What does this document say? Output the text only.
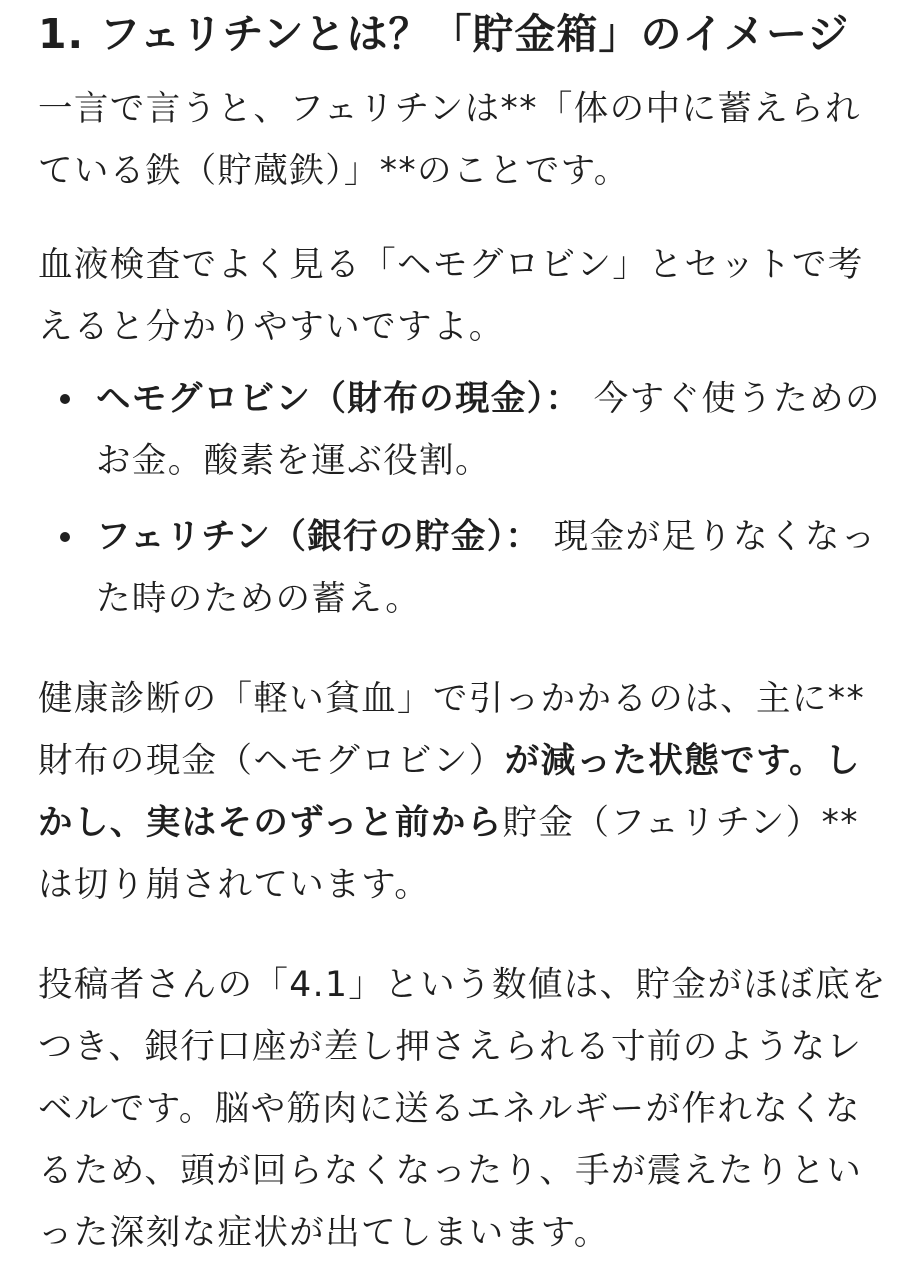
1. フェリチンとは？「貯金箱」のイメージ

一言で言うと、フェリチンは**「体の中に蓄えられている鉄（貯蔵鉄）」**のことです。

血液検査でよく見る「ヘモグロビン」とセットで考えると分かりやすいですよ。

ヘモグロビン（財布の現金）： 今すぐ使うためのお金。酸素を運ぶ役割。
フェリチン（銀行の貯金）： 現金が足りなくなった時のための蓄え。

健康診断の「軽い貧血」で引っかかるのは、主に**財布の現金（ヘモグロビン）が減った状態です。しかし、実はそのずっと前から貯金（フェリチン）**は切り崩されています。

投稿者さんの「4.1」という数値は、貯金がほぼ底をつき、銀行口座が差し押さえられる寸前のようなレベルです。脳や筋肉に送るエネルギーが作れなくなるため、頭が回らなくなったり、手が震えたりといった深刻な症状が出てしまいます。
